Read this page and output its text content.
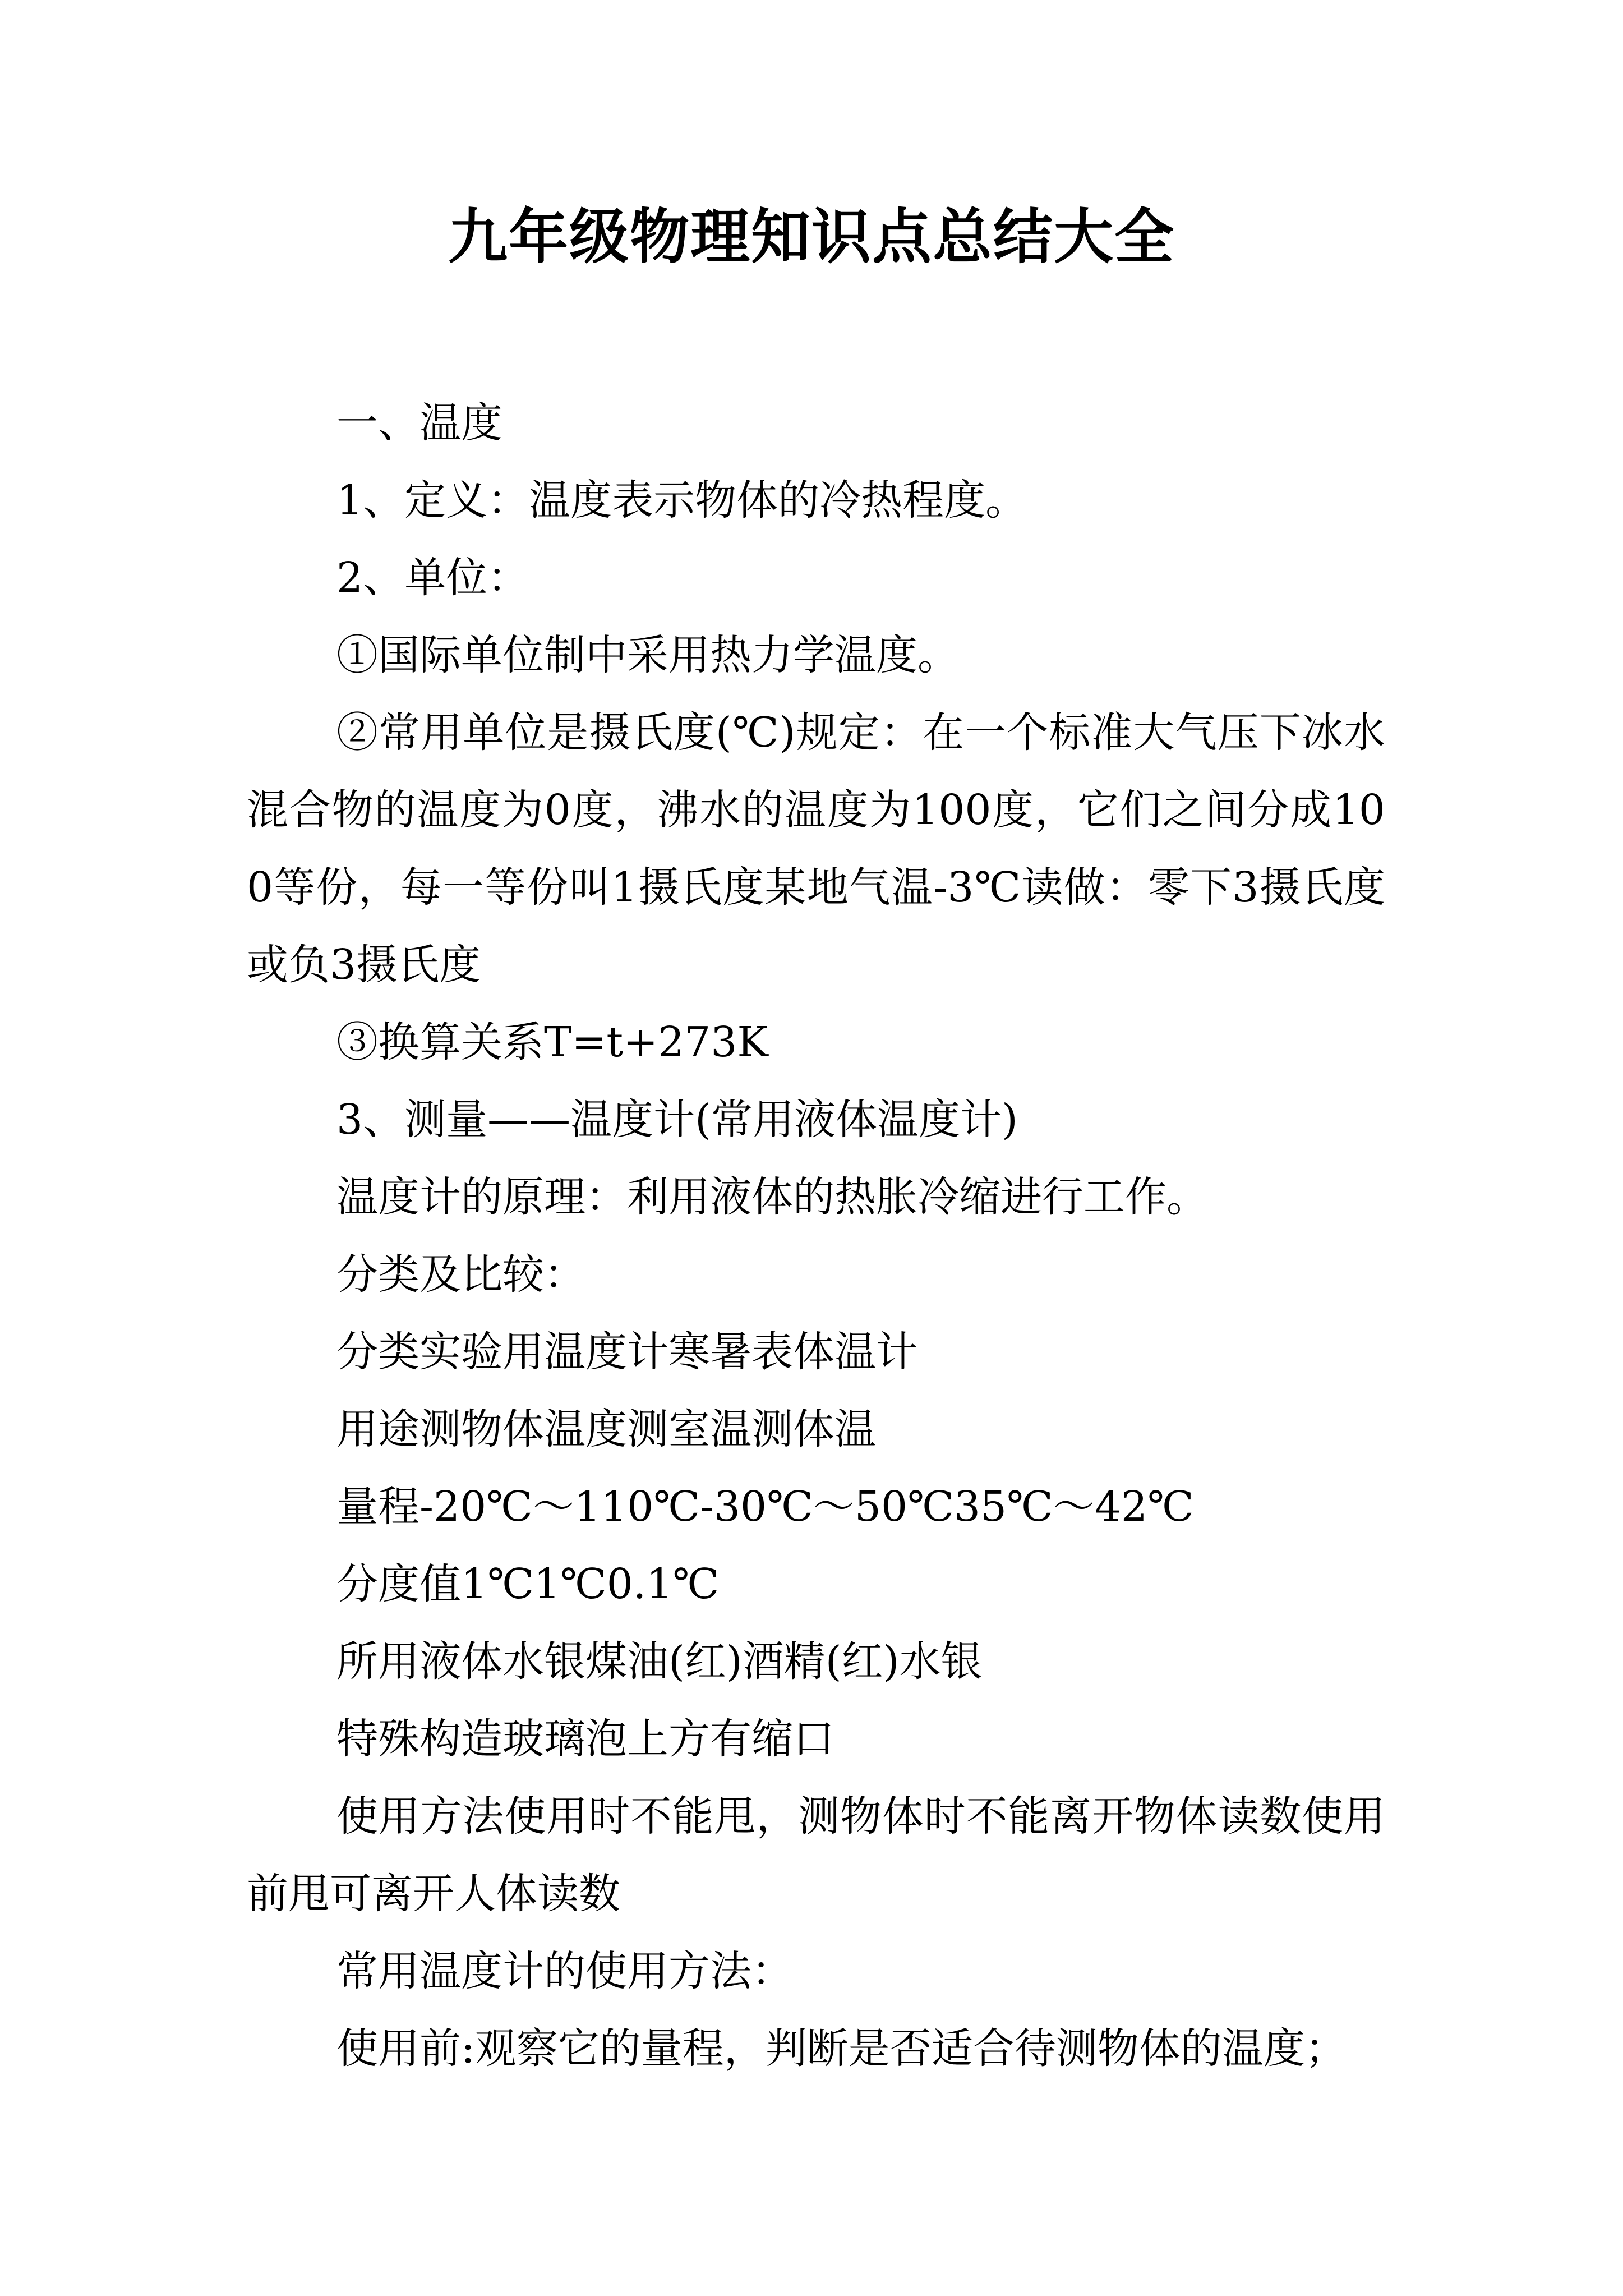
九年级物理知识点总结大全

一、温度

1、定义：温度表示物体的冷热程度。

2、单位：

①国际单位制中采用热力学温度。

②常用单位是摄氏度(℃)规定：在一个标准大气压下冰水混合物的温度为0度，沸水的温度为100度，它们之间分成100等份，每一等份叫1摄氏度某地气温-3℃读做：零下3摄氏度或负3摄氏度

③换算关系T=t+273K

3、测量——温度计(常用液体温度计)

温度计的原理：利用液体的热胀冷缩进行工作。

分类及比较：

分类实验用温度计寒暑表体温计

用途测物体温度测室温测体温

量程-20℃～110℃-30℃～50℃35℃～42℃

分度值1℃1℃0.1℃

所用液体水银煤油(红)酒精(红)水银

特殊构造玻璃泡上方有缩口

使用方法使用时不能甩，测物体时不能离开物体读数使用前甩可离开人体读数

常用温度计的使用方法：

使用前:观察它的量程，判断是否适合待测物体的温度；
